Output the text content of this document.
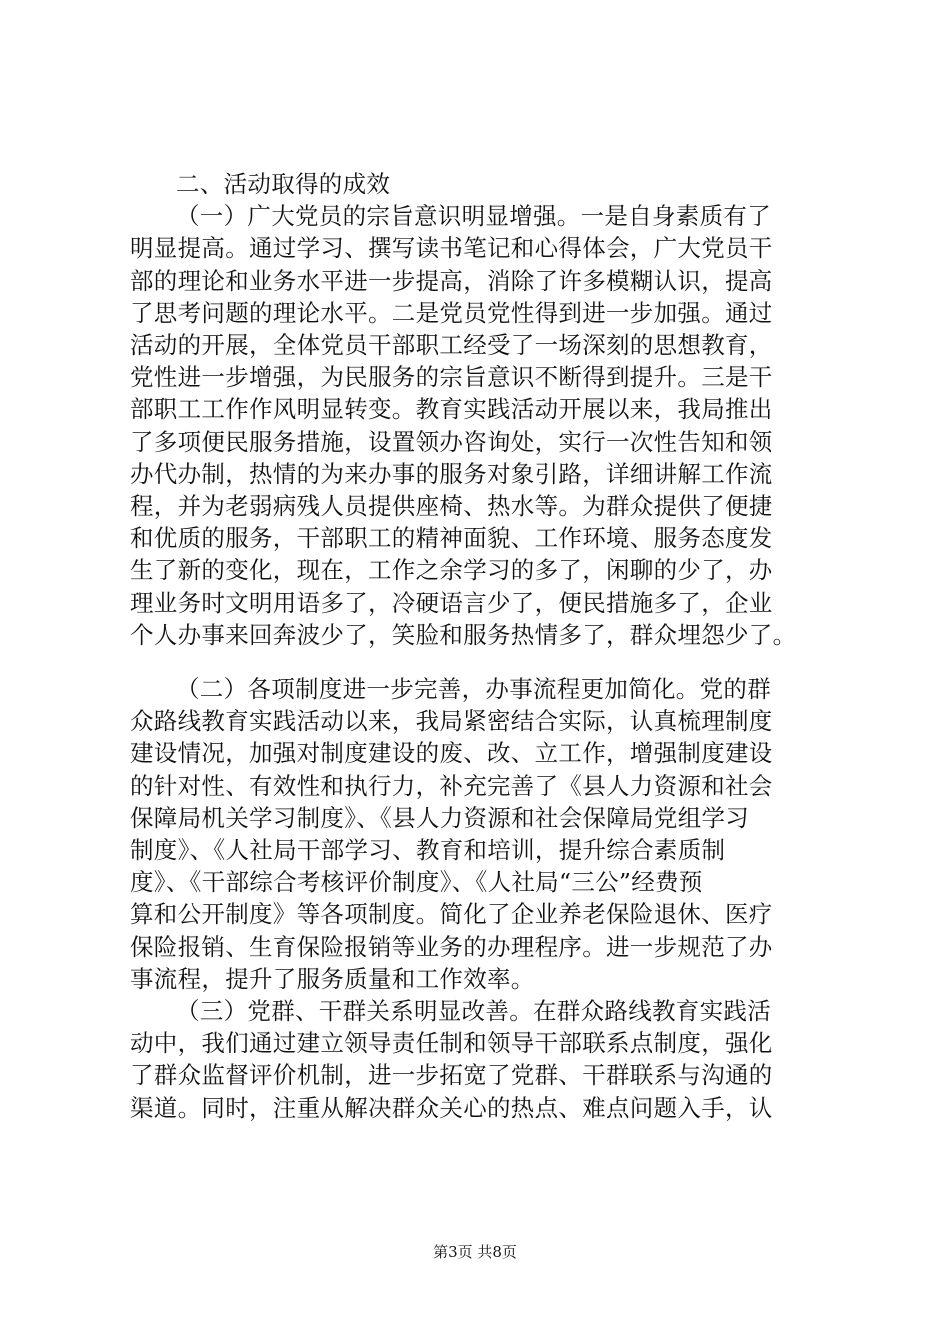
二、活动取得的成效

（一）广大党员的宗旨意识明显增强。一是自身素质有了

明显提高。通过学习、撰写读书笔记和心得体会，广大党员干

部的理论和业务水平进一步提高，消除了许多模糊认识，提高

了思考问题的理论水平。二是党员党性得到进一步加强。通过

活动的开展，全体党员干部职工经受了一场深刻的思想教育，

党性进一步增强，为民服务的宗旨意识不断得到提升。三是干

部职工工作作风明显转变。教育实践活动开展以来，我局推出

了多项便民服务措施，设置领办咨询处，实行一次性告知和领

办代办制，热情的为来办事的服务对象引路，详细讲解工作流

程，并为老弱病残人员提供座椅、热水等。为群众提供了便捷

和优质的服务，干部职工的精神面貌、工作环境、服务态度发

生了新的变化，现在，工作之余学习的多了，闲聊的少了，办

理业务时文明用语多了，冷硬语言少了，便民措施多了，企业

个人办事来回奔波少了，笑脸和服务热情多了，群众埋怨少了。

（二）各项制度进一步完善，办事流程更加简化。党的群

众路线教育实践活动以来，我局紧密结合实际，认真梳理制度

建设情况，加强对制度建设的废、改、立工作，增强制度建设

的针对性、有效性和执行力，补充完善了《县人力资源和社会

保障局机关学习制度》、《县人力资源和社会保障局党组学习

制度》、《人社局干部学习、教育和培训，提升综合素质制

度》、《干部综合考核评价制度》、《人社局“三公”经费预

算和公开制度》等各项制度。简化了企业养老保险退休、医疗

保险报销、生育保险报销等业务的办理程序。进一步规范了办

事流程，提升了服务质量和工作效率。

（三）党群、干群关系明显改善。在群众路线教育实践活

动中，我们通过建立领导责任制和领导干部联系点制度，强化

了群众监督评价机制，进一步拓宽了党群、干群联系与沟通的

渠道。同时，注重从解决群众关心的热点、难点问题入手，认

第3页 共8页
